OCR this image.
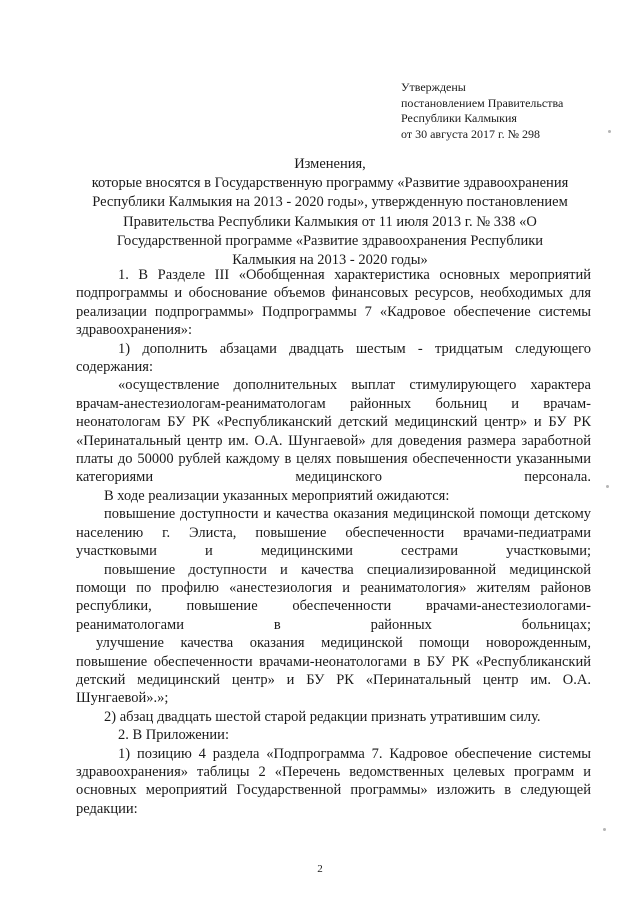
Утверждены
постановлением Правительства
Республики Калмыкия
от 30 августа 2017 г. № 298
Изменения,
которые вносятся в Государственную программу «Развитие здравоохранения
Республики Калмыкия на 2013 - 2020 годы», утвержденную постановлением
Правительства Республики Калмыкия от 11 июля 2013 г. № 338 «О
Государственной программе «Развитие здравоохранения Республики
Калмыкия на 2013 - 2020 годы»

1. В Разделе III «Обобщенная характеристика основных мероприятий подпрограммы и обоснование объемов финансовых ресурсов, необходимых для реализации подпрограммы» Подпрограммы 7 «Кадровое обеспечение системы здравоохранения»:

1) дополнить абзацами двадцать шестым - тридцатым следующего содержания:

«осуществление дополнительных выплат стимулирующего характера врачам-анестезиологам-реаниматологам районных больниц и врачам-неонатологам БУ РК «Республиканский детский медицинский центр» и БУ РК «Перинатальный центр им. О.А. Шунгаевой» для доведения размера заработной платы до 50000 рублей каждому в целях повышения обеспеченности указанными категориями медицинского персонала.

В ходе реализации указанных мероприятий ожидаются:

повышение доступности и качества оказания медицинской помощи детскому населению г. Элиста, повышение обеспеченности врачами-педиатрами участковыми и медицинскими сестрами участковыми;

повышение доступности и качества специализированной медицинской помощи по профилю «анестезиология и реаниматология» жителям районов республики, повышение обеспеченности врачами-анестезиологами-реаниматологами в районных больницах;

улучшение качества оказания медицинской помощи новорожденным, повышение обеспеченности врачами-неонатологами в БУ РК «Республиканский детский медицинский центр» и БУ РК «Перинатальный центр им. О.А. Шунгаевой».»;

2) абзац двадцать шестой старой редакции признать утратившим силу.

2. В Приложении:

1) позицию 4 раздела «Подпрограмма 7. Кадровое обеспечение системы здравоохранения» таблицы 2 «Перечень ведомственных целевых программ и основных мероприятий Государственной программы» изложить в следующей редакции:

2
